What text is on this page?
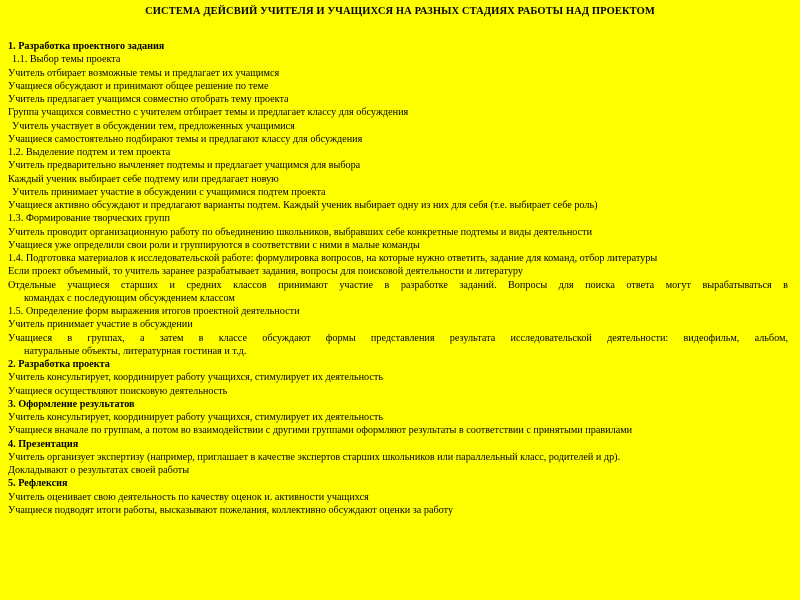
СИСТЕМА ДЕЙСВИЙ УЧИТЕЛЯ И УЧАЩИХСЯ НА РАЗНЫХ СТАДИЯХ РАБОТЫ НАД ПРОЕКТОМ
1. Разработка проектного задания
1.1. Выбор темы проекта
Учитель отбирает возможные темы и предлагает их учащимся
Учащиеся обсуждают и принимают общее решение по теме
Учитель предлагает учащимся совместно отобрать тему проекта
Группа учащихся совместно с учителем отбирает темы и предлагает классу для обсуждения
Учитель участвует в обсуждении тем, предложенных учащимися
Учащиеся самостоятельно подбирают темы и предлагают классу для обсуждения
1.2. Выделение подтем и тем проекта
Учитель предварительно вычленяет подтемы и предлагает учащимся для выбора
Каждый ученик выбирает себе подтему или предлагает новую
Учитель принимает участие в обсуждении с учащимися подтем проекта
Учащиеся активно обсуждают и предлагают варианты подтем. Каждый ученик выбирает одну из них для себя (т.е. выбирает себе роль)
1.3. Формирование творческих групп
Учитель проводит организационную работу по объединению школьников, выбравших себе конкретные подтемы и виды деятельности
Учащиеся уже определили свои роли и группируются в соответствии с ними в малые команды
1.4. Подготовка материалов к исследовательской работе: формулировка вопросов, на которые нужно ответить, задание для команд, отбор литературы
Если проект объемный, то учитель заранее разрабатывает задания, вопросы для поисковой деятельности и литературу
Отдельные учащиеся старших и средних классов принимают участие в разработке заданий. Вопросы для поиска ответа могут вырабатываться в
командах с последующим обсуждением классом
1.5. Определение форм выражения итогов проектной деятельности
Учитель принимает участие в обсуждении
Учащиеся в группах, а затем в классе обсуждают формы представления результата исследовательской деятельности: видеофильм, альбом,
натуральные объекты, литературная гостиная и т.д.
2. Разработка проекта
Учитель консультирует, координирует работу учащихся, стимулирует их деятельность
Учащиеся осуществляют поисковую деятельность
3. Оформление результатов
Учитель консультирует, координирует работу учащихся, стимулирует их деятельность
Учащиеся вначале по группам, а потом во взаимодействии с другими группами оформляют результаты в соответствии с принятыми правилами
4. Презентация
Учитель организует экспертизу (например, приглашает в качестве экспертов старших школьников или параллельный класс, родителей и др).
Докладывают о результатах своей работы
5. Рефлексия
Учитель оценивает свою деятельность по качеству оценок и. активности учащихся
Учащиеся подводят итоги работы, высказывают пожелания, коллективно обсуждают оценки за работу
